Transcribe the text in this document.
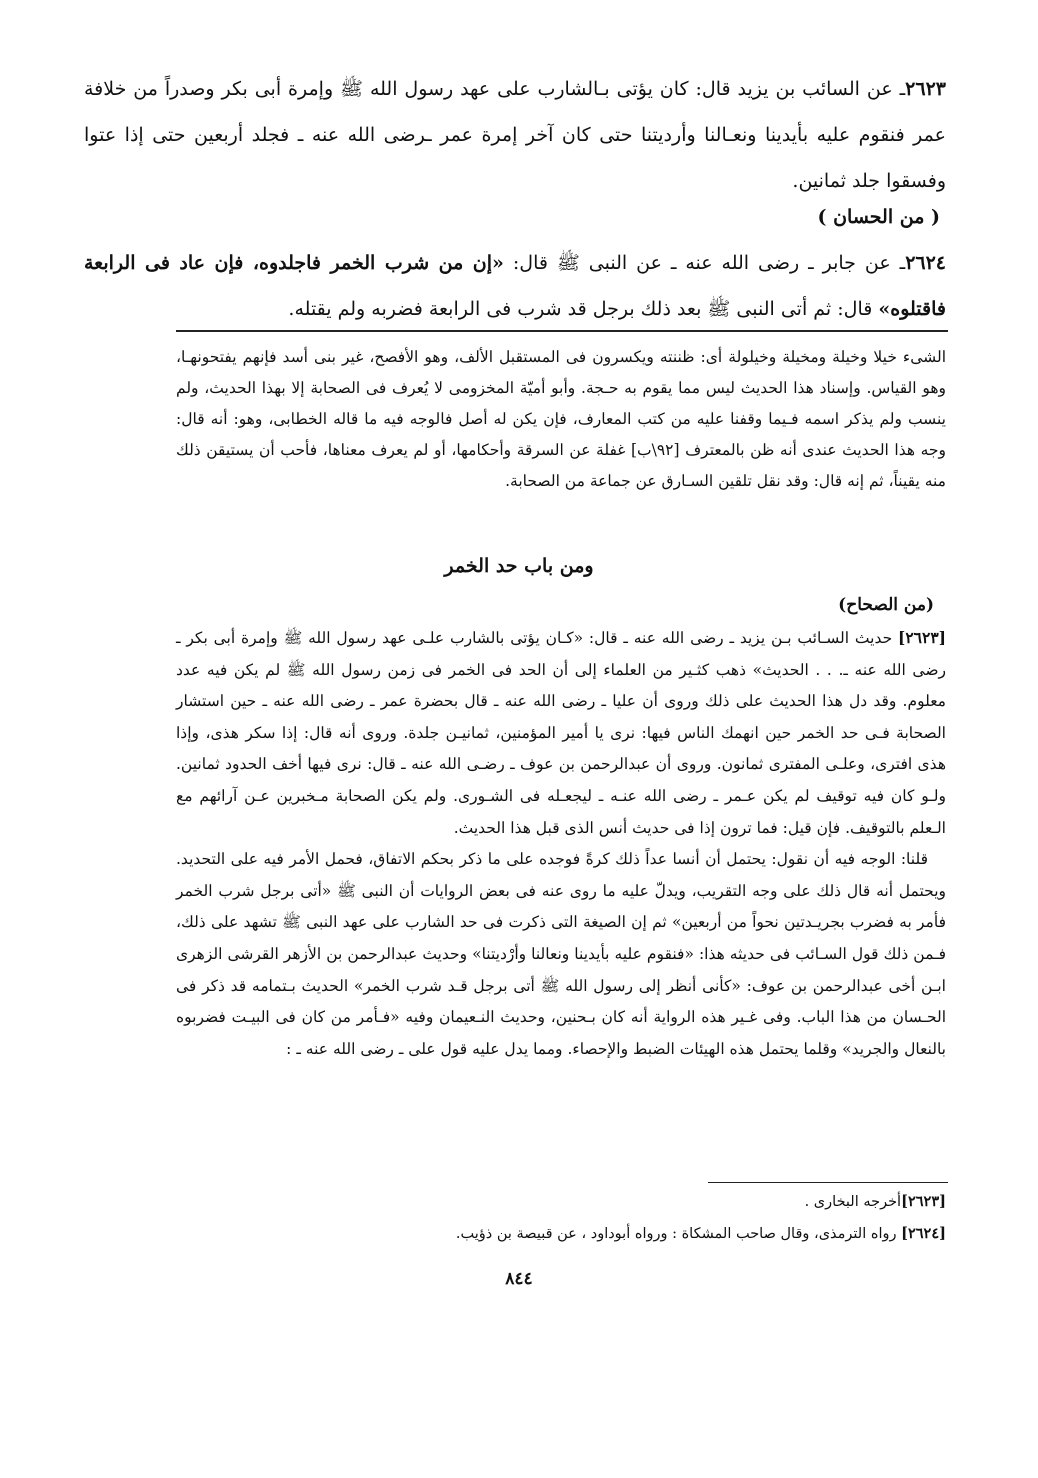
٢٦٢٣ـ عن السائب بن يزيد قال: كان يؤتى بـالشارب على عهد رسول الله ﷺ وإمرة أبى بكر وصدراً من خلافة عمر فنقوم عليه بأيدينا ونعـالنا وأرديتنا حتى كان آخر إمرة عمر ـرضى الله عنه ـ فجلد أربعين حتى إذا عتوا وفسقوا جلد ثمانين.

( من الحسان )

٢٦٢٤ـ عن جابر ـ رضى الله عنه ـ عن النبى ﷺ قال: «إن من شرب الخمر فاجلدوه، فإن عاد فى الرابعة فاقتلوه» قال: ثم أتى النبى ﷺ بعد ذلك برجل قد شرب فى الرابعة فضربه ولم يقتله.

الشىء خيلا وخيلة ومخيلة وخيلولة أى: ظننته ويكسرون فى المستقبل الألف، وهو الأفصح، غير بنى أسد فإنهم يفتحونهـا، وهو القياس. وإسناد هذا الحديث ليس مما يقوم به حـجة. وأبو أميّة المخزومى لا يُعرف فى الصحابة إلا بهذا الحديث، ولم ينسب ولم يذكر اسمه فـيما وقفنا عليه من كتب المعارف، فإن يكن له أصل فالوجه فيه ما قاله الخطابى، وهو: أنه قال: وجه هذا الحديث عندى أنه ظن بالمعترف [٩٢\ب] غفلة عن السرقة وأحكامها، أو لم يعرف معناها، فأحب أن يستيقن ذلك منه يقيناً، ثم إنه قال: وقد نقل تلقين السـارق عن جماعة من الصحابة.

ومن باب حد الخمر
(من الصحاح)

[٢٦٢٣] حديث السـائب بـن يزيد ـ رضى الله عنه ـ قال: «كـان يؤتى بالشارب علـى عهد رسول الله ﷺ وإمرة أبى بكر ـ رضى الله عنه ـ. . . الحديث» ذهب كثـير من العلماء إلى أن الحد فى الخمر فى زمن رسول الله ﷺ لم يكن فيه عدد معلوم. وقد دل هذا الحديث على ذلك وروى أن عليا ـ رضى الله عنه ـ قال بحضرة عمر ـ رضى الله عنه ـ حين استشار الصحابة فـى حد الخمر حين انهمك الناس فيها: نرى يا أمير المؤمنين، ثمانيـن جلدة. وروى أنه قال: إذا سكر هذى، وإذا هذى افترى، وعلـى المفترى ثمانون. وروى أن عبدالرحمن بن عوف ـ رضـى الله عنه ـ قال: نرى فيها أخف الحدود ثمانين. ولـو كان فيه توقيف لم يكن عـمر ـ رضى الله عنـه ـ ليجعـله فى الشـورى. ولم يكن الصحابة مـخبرين عـن آرائهم مع الـعلم بالتوقيف. فإن قيل: فما ترون إذا فى حديث أنس الذى قبل هذا الحديث.

قلنا: الوجه فيه أن نقول: يحتمل أن أنسا عداً ذلك كرةً فوجده على ما ذكر بحكم الاتفاق، فحمل الأمر فيه على التحديد. ويحتمل أنه قال ذلك على وجه التقريب، ويدلّ عليه ما روى عنه فى بعض الروايات أن النبى ﷺ «أتى برجل شرب الخمر فأمر به فضرب بجريـدتين نحواً من أربعين» ثم إن الصيغة التى ذكرت فى حد الشارب على عهد النبى ﷺ تشهد على ذلك، فـمن ذلك قول السـائب فى حديثه هذا: «فنقوم عليه بأيدينا ونعالنا وأرْديتنا» وحديث عبدالرحمن بن الأزهر القرشى الزهرى ابـن أخى عبدالرحمن بن عوف: «كأنى أنظر إلى رسول الله ﷺ أتى برجل قـد شرب الخمر» الحديث بـتمامه قد ذكر فى الحـسان من هذا الباب. وفى غـير هذه الرواية أنه كان بـحنين، وحديث النـعيمان وفيه «فـأمر من كان فى البيـت فضربوه بالنعال والجريد» وقلما يحتمل هذه الهيئات الضبط والإحصاء. ومما يدل عليه قول على ـ رضى الله عنه ـ :

[٢٦٢٣]أخرجه البخارى .

[٢٦٢٤] رواه الترمذى، وقال صاحب المشكاة : ورواه أبوداود ، عن قبيصة بن ذؤيب.

٨٤٤
